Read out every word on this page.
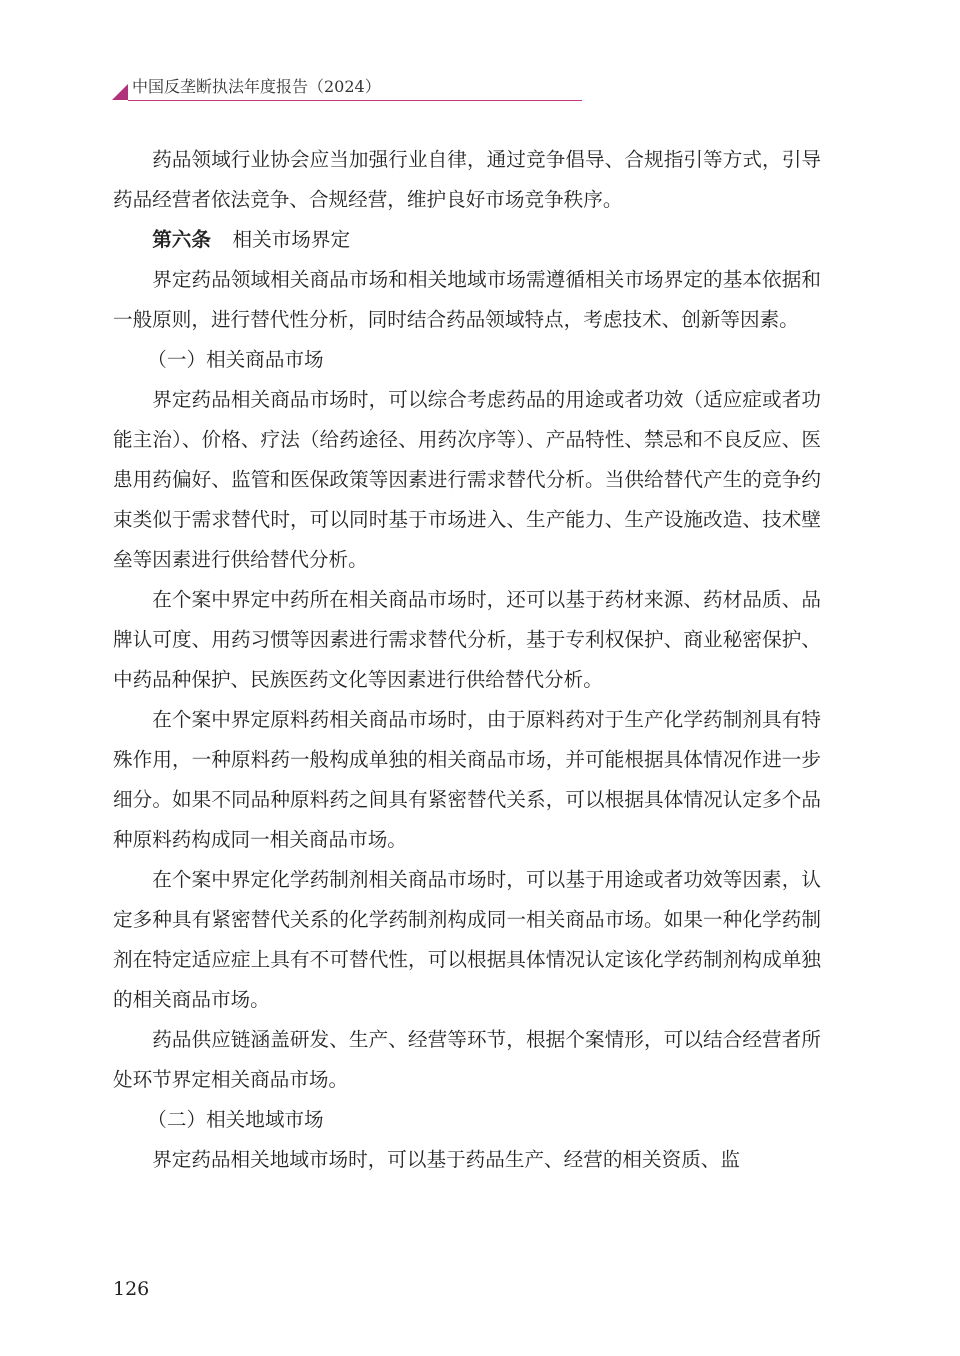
中国反垄断执法年度报告（2024）

药品领域行业协会应当加强行业自律，通过竞争倡导、合规指引等方式，引导药品经营者依法竞争、合规经营，维护良好市场竞争秩序。

第六条 相关市场界定

界定药品领域相关商品市场和相关地域市场需遵循相关市场界定的基本依据和一般原则，进行替代性分析，同时结合药品领域特点，考虑技术、创新等因素。

（一）相关商品市场

界定药品相关商品市场时，可以综合考虑药品的用途或者功效（适应症或者功能主治）、价格、疗法（给药途径、用药次序等）、产品特性、禁忌和不良反应、医患用药偏好、监管和医保政策等因素进行需求替代分析。当供给替代产生的竞争约束类似于需求替代时，可以同时基于市场进入、生产能力、生产设施改造、技术壁垒等因素进行供给替代分析。

在个案中界定中药所在相关商品市场时，还可以基于药材来源、药材品质、品牌认可度、用药习惯等因素进行需求替代分析，基于专利权保护、商业秘密保护、中药品种保护、民族医药文化等因素进行供给替代分析。

在个案中界定原料药相关商品市场时，由于原料药对于生产化学药制剂具有特殊作用，一种原料药一般构成单独的相关商品市场，并可能根据具体情况作进一步细分。如果不同品种原料药之间具有紧密替代关系，可以根据具体情况认定多个品种原料药构成同一相关商品市场。

在个案中界定化学药制剂相关商品市场时，可以基于用途或者功效等因素，认定多种具有紧密替代关系的化学药制剂构成同一相关商品市场。如果一种化学药制剂在特定适应症上具有不可替代性，可以根据具体情况认定该化学药制剂构成单独的相关商品市场。

药品供应链涵盖研发、生产、经营等环节，根据个案情形，可以结合经营者所处环节界定相关商品市场。

（二）相关地域市场

界定药品相关地域市场时，可以基于药品生产、经营的相关资质、监

126
